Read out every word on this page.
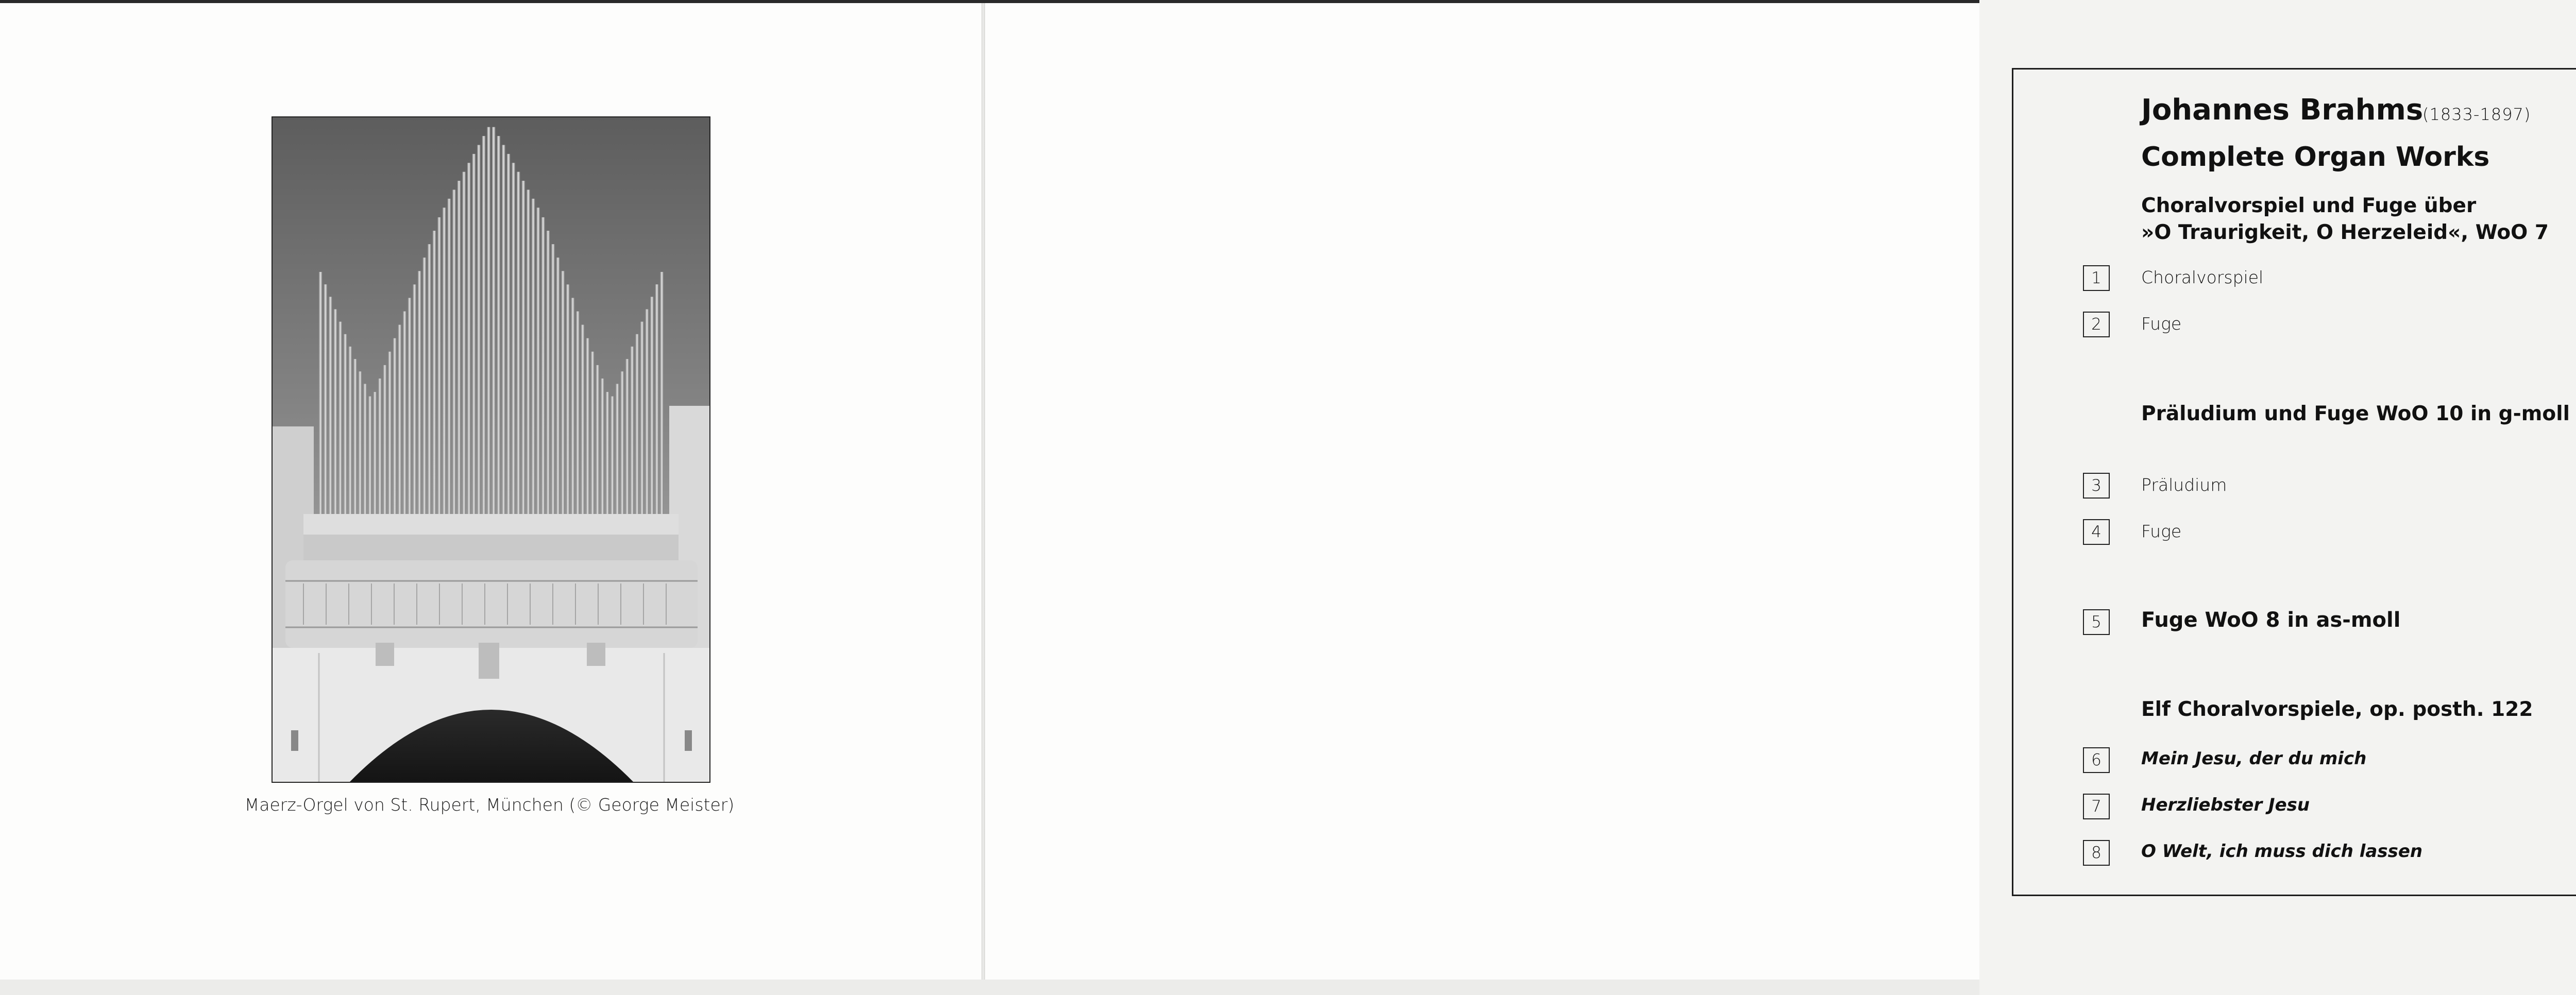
Maerz-Orgel von St. Rupert, München (© George Meister)
Johannes Brahms
(1833-1897)
Complete Organ Works
Choralvorspiel und Fuge über
»O Traurigkeit, O Herzeleid«, WoO 7
1	Choralvorspiel
2	Fuge
Präludium und Fuge WoO 10 in g-moll
3	Präludium
4	Fuge
5	Fuge WoO 8 in as-moll
Elf Choralvorspiele, op. posth. 122
6	Mein Jesu, der du mich
7	Herzliebster Jesu
8	O Welt, ich muss dich lassen
